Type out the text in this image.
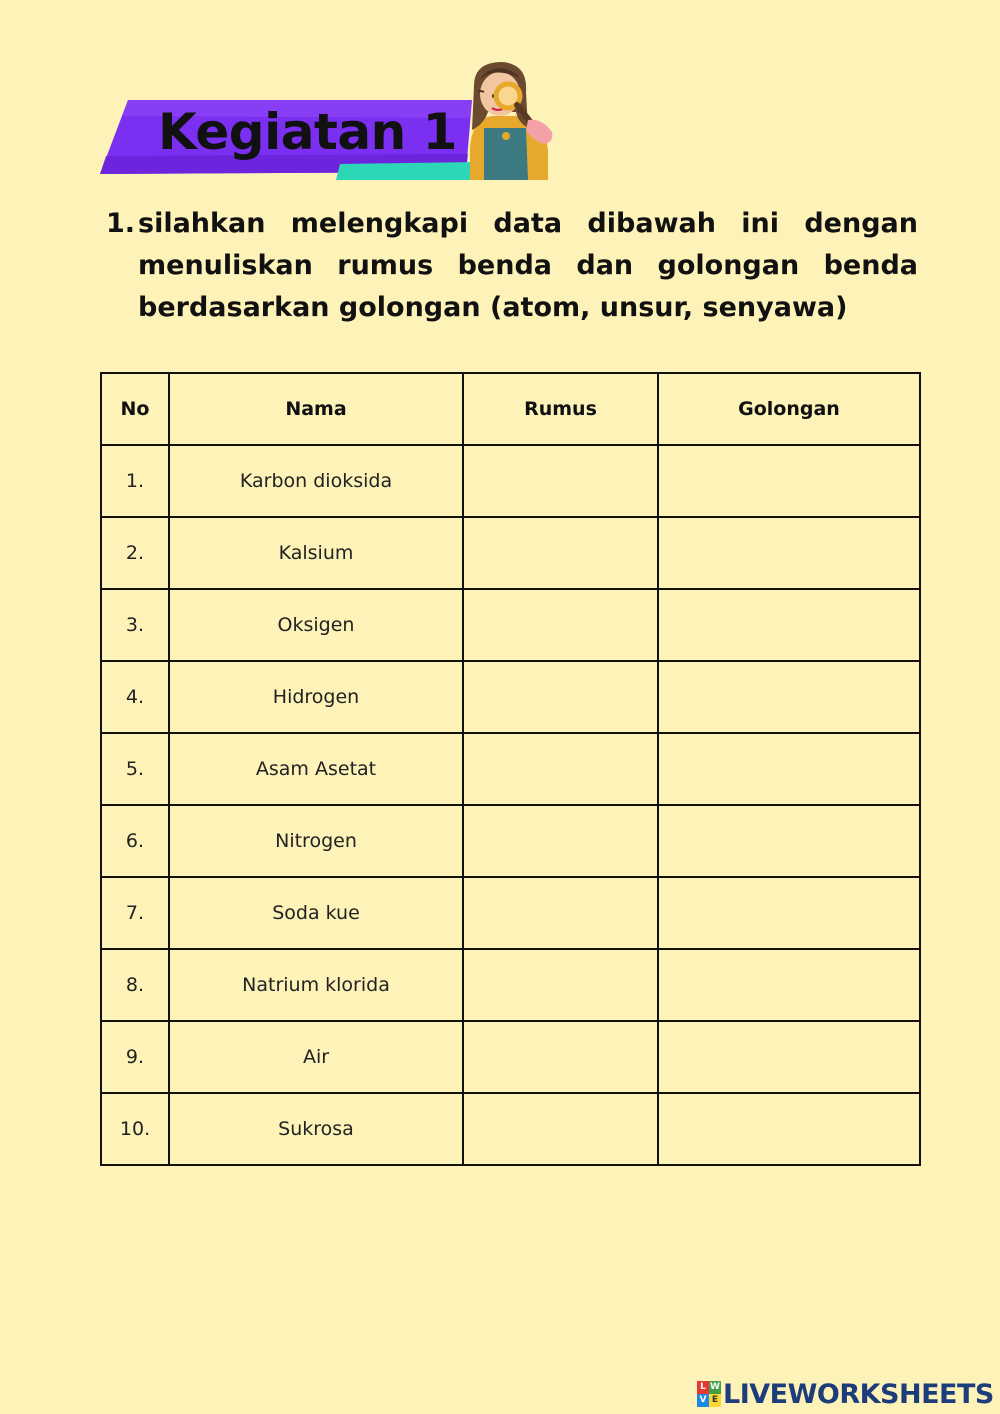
Kegiatan 1
1. silahkan melengkapi data dibawah ini dengan menuliskan rumus benda dan golongan benda berdasarkan golongan (atom, unsur, senyawa)
No	Nama	Rumus	Golongan
1.	Karbon dioksida		
2.	Kalsium		
3.	Oksigen		
4.	Hidrogen		
5.	Asam Asetat		
6.	Nitrogen		
7.	Soda kue		
8.	Natrium klorida		
9.	Air		
10.	Sukrosa		
L W
V E LIVEWORKSHEETS
